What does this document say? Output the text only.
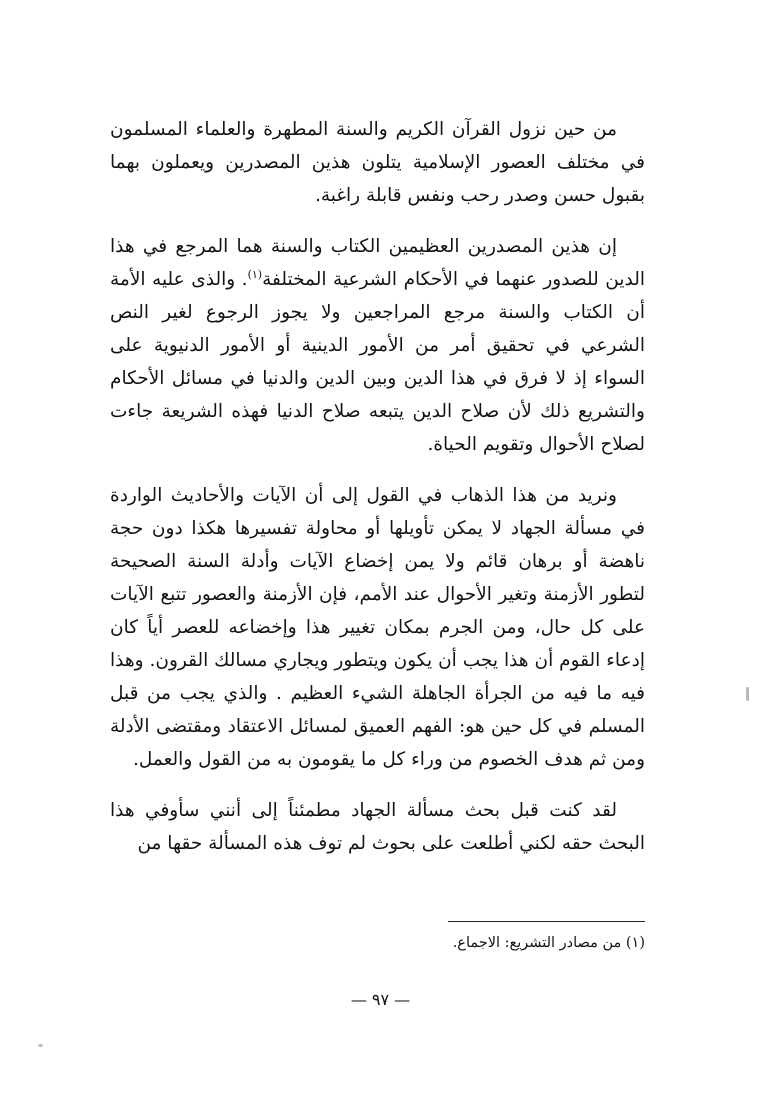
من حين نزول القرآن الكريم والسنة المطهرة والعلماء المسلمون في مختلف العصور الإسلامية يتلون هذين المصدرين ويعملون بهما بقبول حسن وصدر رحب ونفس قابلة راغبة.

إن هذين المصدرين العظيمين الكتاب والسنة هما المرجع في هذا الدين للصدور عنهما في الأحكام الشرعية المختلفة$^{(١)}$. والذى عليه الأمة أن الكتاب والسنة مرجع المراجعين ولا يجوز الرجوع لغير النص الشرعي في تحقيق أمر من الأمور الدينية أو الأمور الدنيوية على السواء إذ لا فرق في هذا الدين وبين الدين والدنيا في مسائل الأحكام والتشريع ذلك لأن صلاح الدين يتبعه صلاح الدنيا فهذه الشريعة جاءت لصلاح الأحوال وتقويم الحياة.

ونريد من هذا الذهاب في القول إلى أن الآيات والأحاديث الواردة في مسألة الجهاد لا يمكن تأويلها أو محاولة تفسيرها هكذا دون حجة ناهضة أو برهان قائم ولا يمن إخضاع الآيات وأدلة السنة الصحيحة لتطور الأزمنة وتغير الأحوال عند الأمم، فإن الأزمنة والعصور تتبع الآيات على كل حال، ومن الجرم بمكان تغيير هذا وإخضاعه للعصر أياً كان إدعاء القوم أن هذا يجب أن يكون ويتطور ويجاري مسالك القرون. وهذا فيه ما فيه من الجرأة الجاهلة الشيء العظيم . والذي يجب من قبل المسلم في كل حين هو: الفهم العميق لمسائل الاعتقاد ومقتضى الأدلة ومن ثم هدف الخصوم من وراء كل ما يقومون به من القول والعمل.

لقد كنت قبل بحث مسألة الجهاد مطمئناً إلى أنني سأوفي هذا البحث حقه لكني أطلعت على بحوث لم توف هذه المسألة حقها من

(١) من مصادر التشريع: الاجماع.
— ٩٧ —
